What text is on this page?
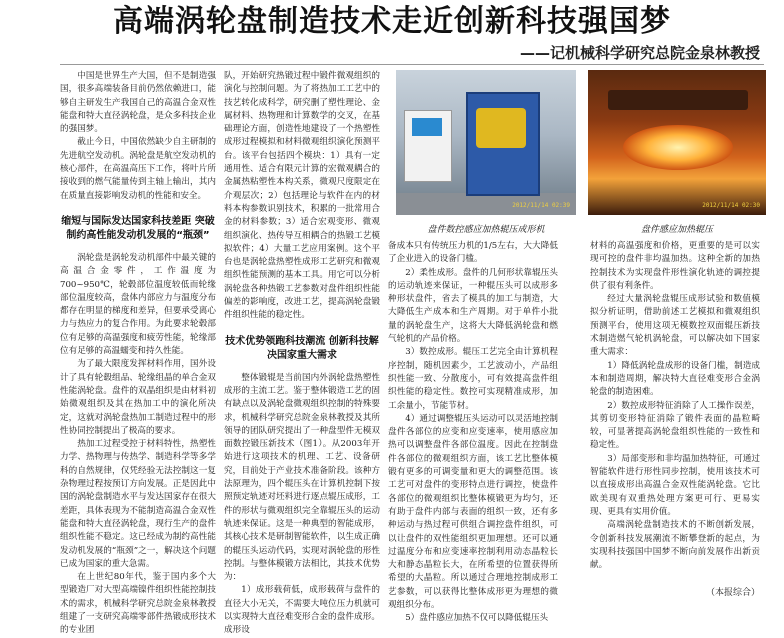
高端涡轮盘制造技术走近创新科技强国梦
——记机械科学研究总院金泉林教授

中国是世界生产大国，但不是制造强国，很多高端装备目前仍然依赖进口，能够自主研发生产我国自己的高温合金双性能盘和特大直径涡轮盘，是众多科技企业的强国梦。

截止今日，中国依然缺少自主研制的先进航空发动机。涡轮盘是航空发动机的核心部件，在高温高压下工作，将叶片所接收到的燃气能量传到主轴上输出，其内在质量直接影响发动机的性能和安全。

缩短与国际发达国家科技差距 突破制约高性能发动机发展的“瓶颈”

涡轮盘是涡轮发动机部件中最关键的高温合金零件，工作温度为700~950℃，轮毂部位温度较低而轮缘部位温度较高，盘体内部应力与温度分布都存在明显的梯度和差异，但要承受离心力与热应力的复合作用。为此要求轮毂部位有足够的高温强度和疲劳性能，轮缘部位有足够的高温蠕变和持久性能。

为了最大限度发挥材料作用，国外设计了具有轮毂组品、轮缘组晶的单合金双性能涡轮盘。盘件的双晶组织是由材料初始微观组织及其在热加工中的演化所决定，这就对涡轮盘热加工制造过程中的形性协同控制提出了极高的要求。

热加工过程受控于材料特性，热塑性力学、热物理与传热学、制造科学等多学科的自然规律，仅凭经验无法控制这一复杂物理过程按预订方向发展。正是因此中国的涡轮盘制造水平与发达国家存在很大差距，具体表现为不能制造高温合金双性能盘和特大直径涡轮盘，现行生产的盘件组织性能不稳定。这已经成为制约高性能发动机发展的“瓶颈”之一，解决这个问题已成为国家的重大急需。

在上世纪80年代，鉴于国内多个大型锻造厂对大型高端镍件组织性能控制技术的需求，机械科学研究总院金泉林教授组建了一支研究高端零部件热锻成形技术的专业团

队，开始研究热锻过程中锻件微观组织的演化与控制问题。为了将热加工工艺中的技艺转化成科学，研究删了塑性理论、金属材料、热物理和计算数学的交叉，在基础理论方面，创造性地建设了一个热塑性成形过程模拟和材料微观组织演化预测平台。该平台包括四个模块：1）具有一定通用性、适合有限元计算的宏微观耦合的金属热粘塑性本构关系，微观尺度限定在介观层次；2）包括理论与软件在内的材料本构参数识别技术，积累的一批常用合金的材料参数；3）适合宏观变形、微观组织演化、热传导互相耦合的热锻工艺模拟软件；4）大量工艺应用案例。这个平台也是涡轮盘热塑性成形工艺研究和微观组织性能预测的基本工具。用它可以分析涡轮盘各种热锻工艺参数对盘件组织性能偏差的影响度，改进工艺，提高涡轮盘锻件组织性能的稳定性。

技术优势领跑科技潮流 创新科技解决国家重大需求

整体锻辊是当前国内外涡轮盘热塑性成形的主流工艺。鉴于整体锻造工艺的固有缺点以及涡轮盘微观组织控制的特殊要求，机械科学研究总院金泉林教授及其所领导的团队研究提出了一种盘型件无模双面数控锻压新技术（图1）。从2003年开始进行这项技术的机理、工艺、设备研究，目前处于产业技术准备阶段。该种方法原理为，四个辊压头在计算机控制下按照预定轨迹对坯料进行逐点辊压成形，工件的形状与微观组织完全靠辊压头的运动轨迹来保证。这是一种典型的智能成形，其核心技术是研制智能软件，以生成正确的辊压头运动代码，实现对涡轮盘的形性控制。与整体模锻方法相比，其技术优势为：

1）成形载荷低，成形载荷与盘件的直径大小无关，不需要大吨位压力机就可以实现特大直径难变形合金的盘件成形。成形设

2012/11/14 02:39
盘件数控感应加热辊压成形机
2012/11/14 02:30
盘件感应加热辊压

备成本只有传统压力机的1/5左右，大大降低了企业进入的设备门槛。

2）柔性成形。盘件的几何形状靠辊压头的运动轨迹来保证，一种辊压头可以成形多种形状盘件，省去了模具的加工与制造，大大降低生产成本和生产周期。对于单件小批量的涡轮盘生产，这将大大降低涡轮盘和燃气轮机的产品价格。

3）数控成形。辊压工艺完全由计算机程序控制，随机因素少，工艺波动小，产品组织性能一致、分散度小，可有效提高盘件组织性能的稳定性。数控可实现精准成形，加工余量小，节能节材。

4）通过调整辊压头运动可以灵活地控制盘件各部位的应变和应变速率，使用感应加热可以调整盘件各部位温度。因此在控制盘件各部位的微观组织方面，该工艺比整体模锻有更多的可调变量和更大的调整范围。该工艺可对盘件的变形特点进行调控，使盘件各部位的微观组织比整体模锻更为均匀，还有助于盘件内部与表面的组织一致，还有多种运动与热过程可供组合调控盘件组织，可以让盘件的双性能组织更加理想。还可以通过温度分布和应变速率控制利用动态晶粒长大和静态晶粒长大，在所希望的位置获得所希望的大晶粒。所以通过合理地控制成形工艺参数，可以获得比整体成形更为理想的微观组织分布。

5）盘件感应加热不仅可以降低辊压头

材料的高温强度和价格，更重要的是可以实现可控的盘件非均温加热。这种全新的加热控制技术为实现盘件形性演化轨迹的调控提供了很有利条件。

经过大量涡轮盘辊压成形试验和数值模拟分析证明，借助前述工艺模拟和微观组织预测平台，使用这项无模数控双面辊压新技术制造燃气轮机涡轮盘，可以解决如下国家重大需求：

1）降低涡轮盘成形的设备门槛，制造成本和制造周期，解决特大直径难变形合金涡轮盘的制造困难。

2）数控成形特征消除了人工操作误差，其剪切变形特征消除了锻件表面的晶粒畸较，可显著提高涡轮盘组织性能的一致性和稳定性。

3）局部变形和非均温加热特征，可通过智能软件进行形性同步控制，使用该技术可以直接成形出高温合金双性能涡轮盘。它比欧美现有双重热处理方案更可行、更易实现、更具有实用价值。

高端涡轮盘制造技术的不断创新发展，令创新科技发展潮流不断攀登新的起点，为实现科技强国中国梦不断向前发展作出新贡献。

（本报综合）
